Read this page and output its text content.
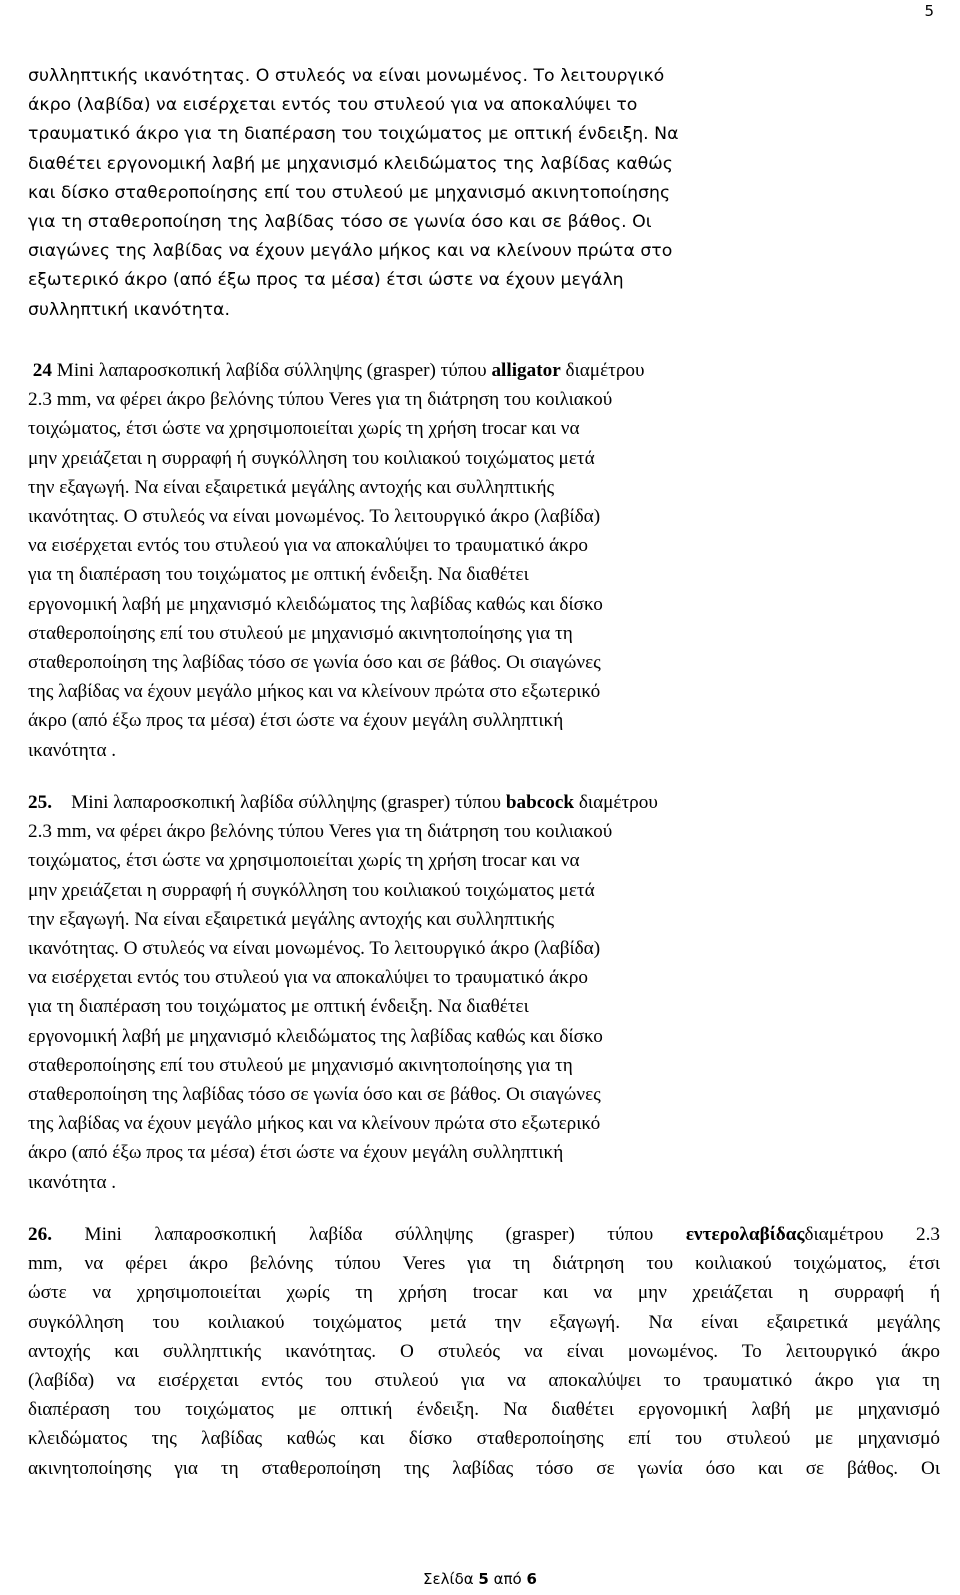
5
συλληπτικής ικανότητας. Ο στυλεός να είναι μονωμένος. Το λειτουργικό
άκρο (λαβίδα) να εισέρχεται εντός του στυλεού για να αποκαλύψει το
τραυματικό άκρο για τη διαπέραση του τοιχώματος με οπτική ένδειξη. Να
διαθέτει εργονομική λαβή με μηχανισμό κλειδώματος της λαβίδας καθώς
και δίσκο σταθεροποίησης επί του στυλεού με μηχανισμό ακινητοποίησης
για τη σταθεροποίηση της λαβίδας τόσο σε γωνία όσο και σε βάθος. Οι
σιαγώνες της λαβίδας να έχουν μεγάλο μήκος και να κλείνουν πρώτα στο
εξωτερικό άκρο (από έξω προς τα μέσα) έτσι ώστε να έχουν μεγάλη
συλληπτική ικανότητα.
24 Mini λαπαροσκοπική λαβίδα σύλληψης (grasper) τύπου alligator διαμέτρου
2.3 mm, να φέρει άκρο βελόνης τύπου Veres για τη διάτρηση του κοιλιακού
τοιχώματος, έτσι ώστε να χρησιμοποιείται χωρίς τη χρήση trocar και να
μην χρειάζεται η συρραφή ή συγκόλληση του κοιλιακού τοιχώματος μετά
την εξαγωγή. Να είναι εξαιρετικά μεγάλης αντοχής και συλληπτικής
ικανότητας. Ο στυλεός να είναι μονωμένος. Το λειτουργικό άκρο (λαβίδα)
να εισέρχεται εντός του στυλεού για να αποκαλύψει το τραυματικό άκρο
για τη διαπέραση του τοιχώματος με οπτική ένδειξη. Να διαθέτει
εργονομική λαβή με μηχανισμό κλειδώματος της λαβίδας καθώς και δίσκο
σταθεροποίησης επί του στυλεού με μηχανισμό ακινητοποίησης για τη
σταθεροποίηση της λαβίδας τόσο σε γωνία όσο και σε βάθος. Οι σιαγώνες
της λαβίδας να έχουν μεγάλο μήκος και να κλείνουν πρώτα στο εξωτερικό
άκρο (από έξω προς τα μέσα) έτσι ώστε να έχουν μεγάλη συλληπτική
ικανότητα .
25.    Mini λαπαροσκοπική λαβίδα σύλληψης (grasper) τύπου babcock διαμέτρου
2.3 mm, να φέρει άκρο βελόνης τύπου Veres για τη διάτρηση του κοιλιακού
τοιχώματος, έτσι ώστε να χρησιμοποιείται χωρίς τη χρήση trocar και να
μην χρειάζεται η συρραφή ή συγκόλληση του κοιλιακού τοιχώματος μετά
την εξαγωγή. Να είναι εξαιρετικά μεγάλης αντοχής και συλληπτικής
ικανότητας. Ο στυλεός να είναι μονωμένος. Το λειτουργικό άκρο (λαβίδα)
να εισέρχεται εντός του στυλεού για να αποκαλύψει το τραυματικό άκρο
για τη διαπέραση του τοιχώματος με οπτική ένδειξη. Να διαθέτει
εργονομική λαβή με μηχανισμό κλειδώματος της λαβίδας καθώς και δίσκο
σταθεροποίησης επί του στυλεού με μηχανισμό ακινητοποίησης για τη
σταθεροποίηση της λαβίδας τόσο σε γωνία όσο και σε βάθος. Οι σιαγώνες
της λαβίδας να έχουν μεγάλο μήκος και να κλείνουν πρώτα στο εξωτερικό
άκρο (από έξω προς τα μέσα) έτσι ώστε να έχουν μεγάλη συλληπτική
ικανότητα .
26. Mini λαπαροσκοπική λαβίδα σύλληψης (grasper) τύπου εντερολαβίδαςδιαμέτρου 2.3
mm, να φέρει άκρο βελόνης τύπου Veres για τη διάτρηση του κοιλιακού τοιχώματος, έτσι
ώστε να χρησιμοποιείται χωρίς τη χρήση trocar και να μην χρειάζεται η συρραφή ή
συγκόλληση του κοιλιακού τοιχώματος μετά την εξαγωγή. Να είναι εξαιρετικά μεγάλης
αντοχής και συλληπτικής ικανότητας. Ο στυλεός να είναι μονωμένος. Το λειτουργικό άκρο
(λαβίδα) να εισέρχεται εντός του στυλεού για να αποκαλύψει το τραυματικό άκρο για τη
διαπέραση του τοιχώματος με οπτική ένδειξη. Να διαθέτει εργονομική λαβή με μηχανισμό
κλειδώματος της λαβίδας καθώς και δίσκο σταθεροποίησης επί του στυλεού με μηχανισμό
ακινητοποίησης για τη σταθεροποίηση της λαβίδας τόσο σε γωνία όσο και σε βάθος. Οι
Σελίδα 5 από 6
